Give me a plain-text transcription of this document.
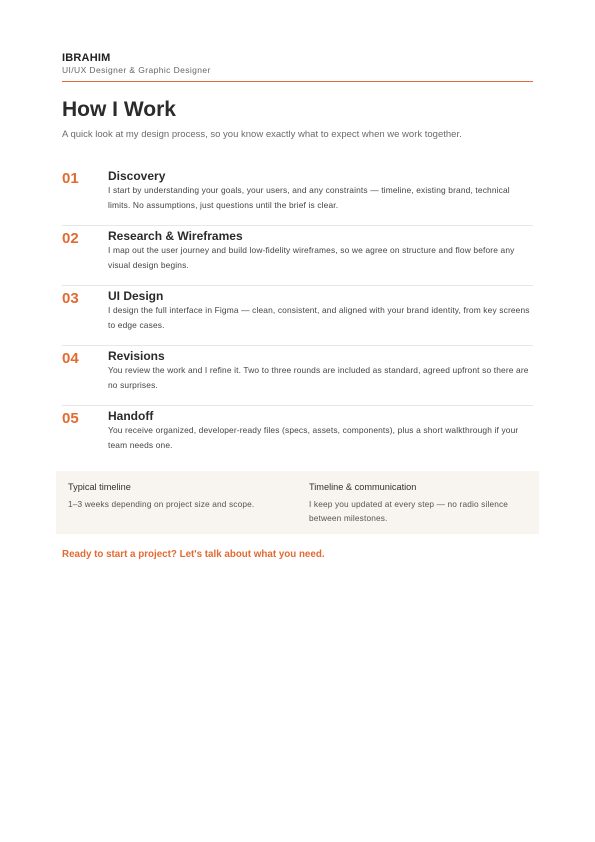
IBRAHIM
UI/UX Designer & Graphic Designer
How I Work
A quick look at my design process, so you know exactly what to expect when we work together.
01 Discovery
I start by understanding your goals, your users, and any constraints — timeline, existing brand, technical limits. No assumptions, just questions until the brief is clear.
02 Research & Wireframes
I map out the user journey and build low-fidelity wireframes, so we agree on structure and flow before any visual design begins.
03 UI Design
I design the full interface in Figma — clean, consistent, and aligned with your brand identity, from key screens to edge cases.
04 Revisions
You review the work and I refine it. Two to three rounds are included as standard, agreed upfront so there are no surprises.
05 Handoff
You receive organized, developer-ready files (specs, assets, components), plus a short walkthrough if your team needs one.
Typical timeline
1–3 weeks depending on project size and scope.
Timeline & communication
I keep you updated at every step — no radio silence between milestones.
Ready to start a project? Let's talk about what you need.
